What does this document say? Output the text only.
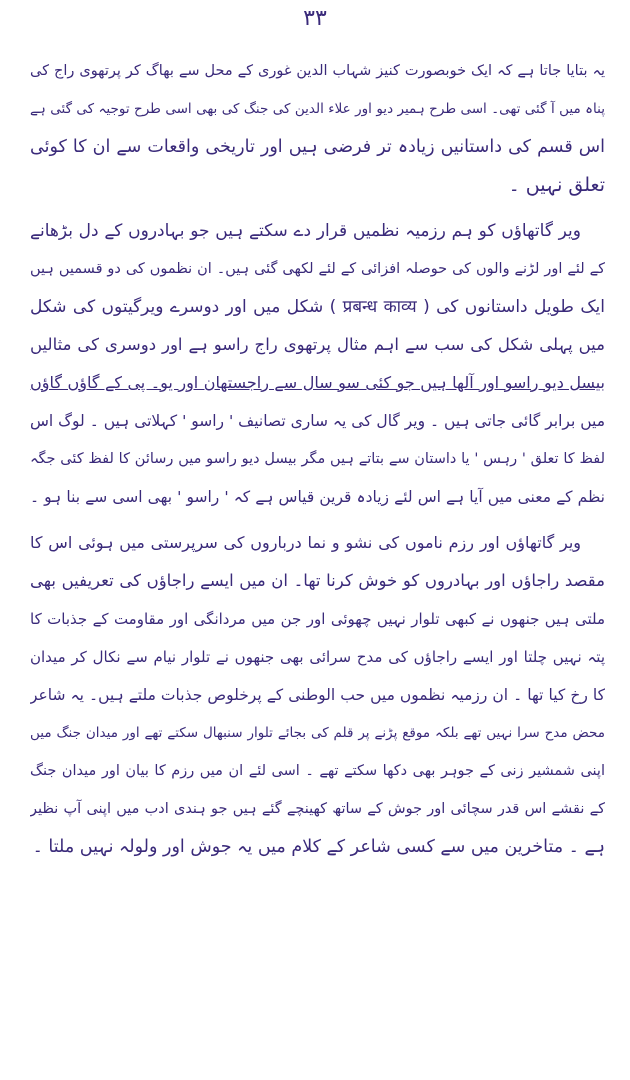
۳۳
یہ بتایا جاتا ہے کہ ایک خوبصورت کنیز شہاب الدین غوری کے محل سے بھاگ کر پرتھوی راج کی
پناہ میں آ گئی تھی۔ اسی طرح ہمیر دیو اور علاء الدین کی جنگ کی بھی اسی طرح توجیہ کی گئی ہے
اس قسم کی داستانیں زیادہ تر فرضی ہیں اور تاریخی واقعات سے ان کا کوئی
تعلق نہیں ۔
ویر گاتھاؤں کو ہم رزمیہ نظمیں قرار دے سکتے ہیں جو بہادروں کے دل بڑھانے
کے لئے اور لڑنے والوں کی حوصلہ افزائی کے لئے لکھی گئی ہیں۔ ان نظموں کی دو قسمیں ہیں
ایک طویل داستانوں کی ( प्रबन्ध काव्य ) شکل میں اور دوسرے ویرگیتوں کی شکل
میں پہلی شکل کی سب سے اہم مثال پرتھوی راج راسو ہے اور دوسری کی مثالیں
بیسل دیو راسو اور آلھا ہیں جو کئی سو سال سے راجستھان اور یو۔ پی کے گاؤں گاؤں
میں برابر گائی جاتی ہیں ۔ ویر گال کی یہ ساری تصانیف ' راسو ' کہلاتی ہیں ۔ لوگ اس
لفظ کا تعلق ' رہس ' یا داستان سے بتاتے ہیں مگر بیسل دیو راسو میں رسائن کا لفظ کئی جگہ
نظم کے معنی میں آیا ہے اس لئے زیادہ قرین قیاس ہے کہ ' راسو ' بھی اسی سے بنا ہو ۔
ویر گاتھاؤں اور رزم ناموں کی نشو و نما درباروں کی سرپرستی میں ہوئی اس کا
مقصد راجاؤں اور بہادروں کو خوش کرنا تھا۔ ان میں ایسے راجاؤں کی تعریفیں بھی
ملتی ہیں جنھوں نے کبھی تلوار نہیں چھوئی اور جن میں مردانگی اور مقاومت کے جذبات کا
پتہ نہیں چلتا اور ایسے راجاؤں کی مدح سرائی بھی جنھوں نے تلوار نیام سے نکال کر میدان
کا رخ کیا تھا ۔ ان رزمیہ نظموں میں حب الوطنی کے پرخلوص جذبات ملتے ہیں۔ یہ شاعر
محض مدح سرا نہیں تھے بلکہ موقع پڑنے پر قلم کی بجائے تلوار سنبھال سکتے تھے اور میدان جنگ میں
اپنی شمشیر زنی کے جوہر بھی دکھا سکتے تھے ۔ اسی لئے ان میں رزم کا بیان اور میدان جنگ
کے نقشے اس قدر سچائی اور جوش کے ساتھ کھینچے گئے ہیں جو ہندی ادب میں اپنی آپ نظیر
ہے ۔ متاخرین میں سے کسی شاعر کے کلام میں یہ جوش اور ولولہ نہیں ملتا ۔
